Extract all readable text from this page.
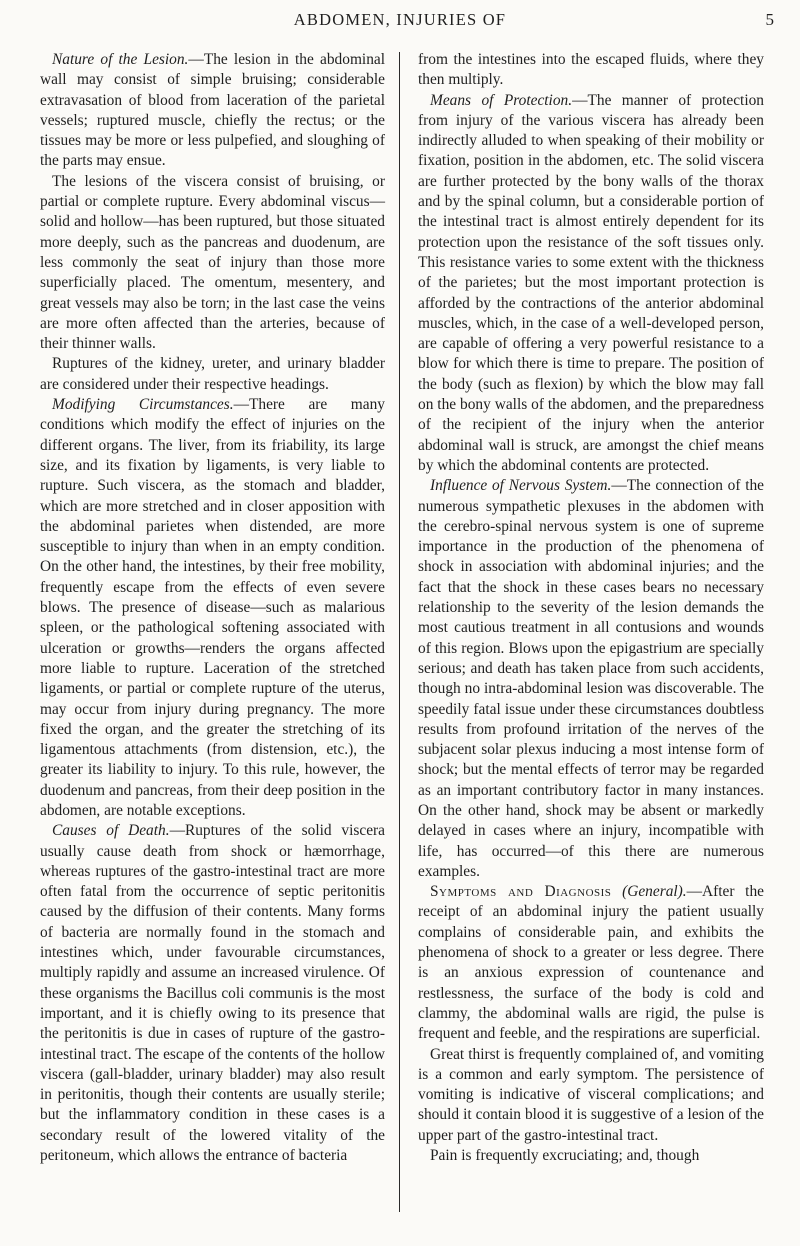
ABDOMEN, INJURIES OF	5

Nature of the Lesion.—The lesion in the abdominal wall may consist of simple bruising; considerable extravasation of blood from laceration of the parietal vessels; ruptured muscle, chiefly the rectus; or the tissues may be more or less pulpefied, and sloughing of the parts may ensue.

The lesions of the viscera consist of bruising, or partial or complete rupture. Every abdominal viscus—solid and hollow—has been ruptured, but those situated more deeply, such as the pancreas and duodenum, are less commonly the seat of injury than those more superficially placed. The omentum, mesentery, and great vessels may also be torn; in the last case the veins are more often affected than the arteries, because of their thinner walls.

Ruptures of the kidney, ureter, and urinary bladder are considered under their respective headings.

Modifying Circumstances.—There are many conditions which modify the effect of injuries on the different organs. The liver, from its friability, its large size, and its fixation by ligaments, is very liable to rupture. Such viscera, as the stomach and bladder, which are more stretched and in closer apposition with the abdominal parietes when distended, are more susceptible to injury than when in an empty condition. On the other hand, the intestines, by their free mobility, frequently escape from the effects of even severe blows. The presence of disease—such as malarious spleen, or the pathological softening associated with ulceration or growths—renders the organs affected more liable to rupture. Laceration of the stretched ligaments, or partial or complete rupture of the uterus, may occur from injury during pregnancy. The more fixed the organ, and the greater the stretching of its ligamentous attachments (from distension, etc.), the greater its liability to injury. To this rule, however, the duodenum and pancreas, from their deep position in the abdomen, are notable exceptions.

Causes of Death.—Ruptures of the solid viscera usually cause death from shock or hæmorrhage, whereas ruptures of the gastro-intestinal tract are more often fatal from the occurrence of septic peritonitis caused by the diffusion of their contents. Many forms of bacteria are normally found in the stomach and intestines which, under favourable circumstances, multiply rapidly and assume an increased virulence. Of these organisms the Bacillus coli communis is the most important, and it is chiefly owing to its presence that the peritonitis is due in cases of rupture of the gastro-intestinal tract. The escape of the contents of the hollow viscera (gall-bladder, urinary bladder) may also result in peritonitis, though their contents are usually sterile; but the inflammatory condition in these cases is a secondary result of the lowered vitality of the peritoneum, which allows the entrance of bacteria

from the intestines into the escaped fluids, where they then multiply.

Means of Protection.—The manner of protection from injury of the various viscera has already been indirectly alluded to when speaking of their mobility or fixation, position in the abdomen, etc. The solid viscera are further protected by the bony walls of the thorax and by the spinal column, but a considerable portion of the intestinal tract is almost entirely dependent for its protection upon the resistance of the soft tissues only. This resistance varies to some extent with the thickness of the parietes; but the most important protection is afforded by the contractions of the anterior abdominal muscles, which, in the case of a well-developed person, are capable of offering a very powerful resistance to a blow for which there is time to prepare. The position of the body (such as flexion) by which the blow may fall on the bony walls of the abdomen, and the preparedness of the recipient of the injury when the anterior abdominal wall is struck, are amongst the chief means by which the abdominal contents are protected.

Influence of Nervous System.—The connection of the numerous sympathetic plexuses in the abdomen with the cerebro-spinal nervous system is one of supreme importance in the production of the phenomena of shock in association with abdominal injuries; and the fact that the shock in these cases bears no necessary relationship to the severity of the lesion demands the most cautious treatment in all contusions and wounds of this region. Blows upon the epigastrium are specially serious; and death has taken place from such accidents, though no intra-abdominal lesion was discoverable. The speedily fatal issue under these circumstances doubtless results from profound irritation of the nerves of the subjacent solar plexus inducing a most intense form of shock; but the mental effects of terror may be regarded as an important contributory factor in many instances. On the other hand, shock may be absent or markedly delayed in cases where an injury, incompatible with life, has occurred—of this there are numerous examples.

Symptoms and Diagnosis (General).—After the receipt of an abdominal injury the patient usually complains of considerable pain, and exhibits the phenomena of shock to a greater or less degree. There is an anxious expression of countenance and restlessness, the surface of the body is cold and clammy, the abdominal walls are rigid, the pulse is frequent and feeble, and the respirations are superficial.

Great thirst is frequently complained of, and vomiting is a common and early symptom. The persistence of vomiting is indicative of visceral complications; and should it contain blood it is suggestive of a lesion of the upper part of the gastro-intestinal tract.

Pain is frequently excruciating; and, though
